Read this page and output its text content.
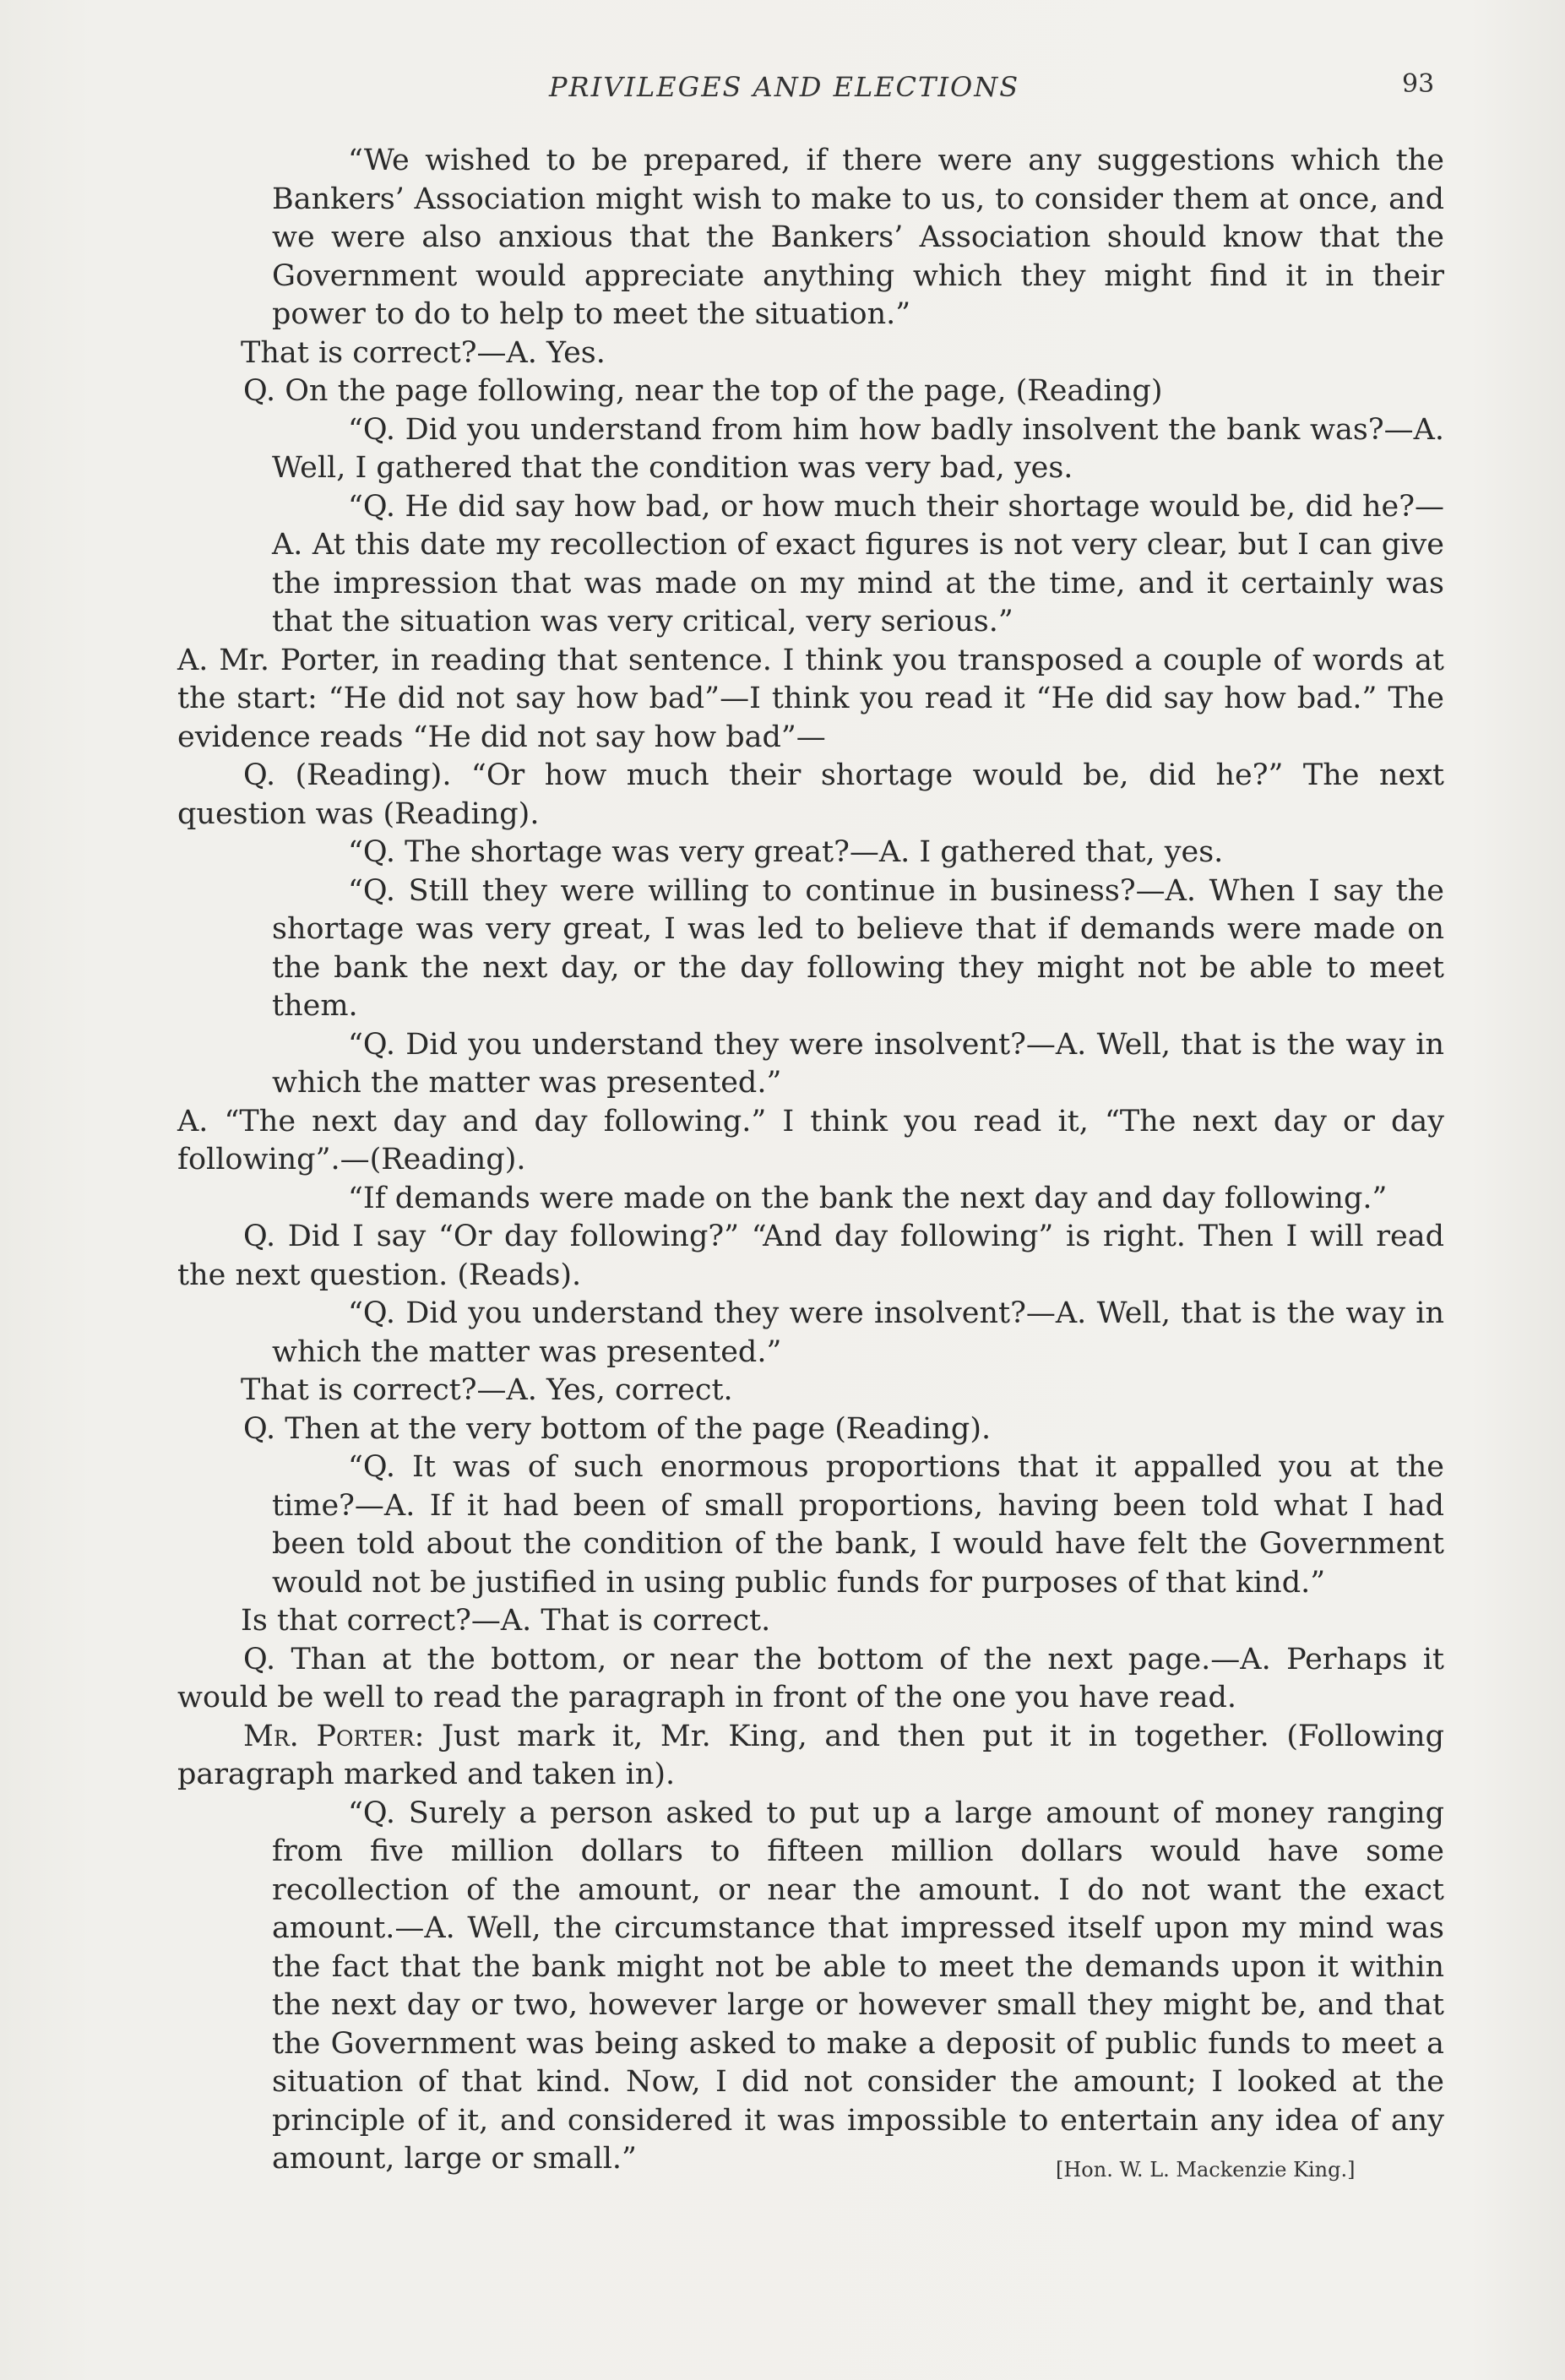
PRIVILEGES AND ELECTIONS	93

“We wished to be prepared, if there were any suggestions which the Bankers’ Association might wish to make to us, to consider them at once, and we were also anxious that the Bankers’ Association should know that the Government would appreciate anything which they might find it in their power to do to help to meet the situation.”

That is correct?—A. Yes.

Q. On the page following, near the top of the page, (Reading)

“Q. Did you understand from him how badly insolvent the bank was?—A. Well, I gathered that the condition was very bad, yes.

“Q. He did say how bad, or how much their shortage would be, did he?—A. At this date my recollection of exact figures is not very clear, but I can give the impression that was made on my mind at the time, and it certainly was that the situation was very critical, very serious.”

A. Mr. Porter, in reading that sentence. I think you transposed a couple of words at the start: “He did not say how bad”—I think you read it “He did say how bad.” The evidence reads “He did not say how bad”—

Q. (Reading). “Or how much their shortage would be, did he?” The next question was (Reading).

“Q. The shortage was very great?—A. I gathered that, yes.

“Q. Still they were willing to continue in business?—A. When I say the shortage was very great, I was led to believe that if demands were made on the bank the next day, or the day following they might not be able to meet them.

“Q. Did you understand they were insolvent?—A. Well, that is the way in which the matter was presented.”

A. “The next day and day following.” I think you read it, “The next day or day following”.—(Reading).

“If demands were made on the bank the next day and day following.”

Q. Did I say “Or day following?” “And day following” is right. Then I will read the next question. (Reads).

“Q. Did you understand they were insolvent?—A. Well, that is the way in which the matter was presented.”

That is correct?—A. Yes, correct.

Q. Then at the very bottom of the page (Reading).

“Q. It was of such enormous proportions that it appalled you at the time?—A. If it had been of small proportions, having been told what I had been told about the condition of the bank, I would have felt the Government would not be justified in using public funds for purposes of that kind.”

Is that correct?—A. That is correct.

Q. Than at the bottom, or near the bottom of the next page.—A. Perhaps it would be well to read the paragraph in front of the one you have read.

Mr. Porter: Just mark it, Mr. King, and then put it in together. (Following paragraph marked and taken in).

“Q. Surely a person asked to put up a large amount of money ranging from five million dollars to fifteen million dollars would have some recollection of the amount, or near the amount. I do not want the exact amount.—A. Well, the circumstance that impressed itself upon my mind was the fact that the bank might not be able to meet the demands upon it within the next day or two, however large or however small they might be, and that the Government was being asked to make a deposit of public funds to meet a situation of that kind. Now, I did not consider the amount; I looked at the principle of it, and considered it was impossible to entertain any idea of any amount, large or small.”	[Hon. W. L. Mackenzie King.]
